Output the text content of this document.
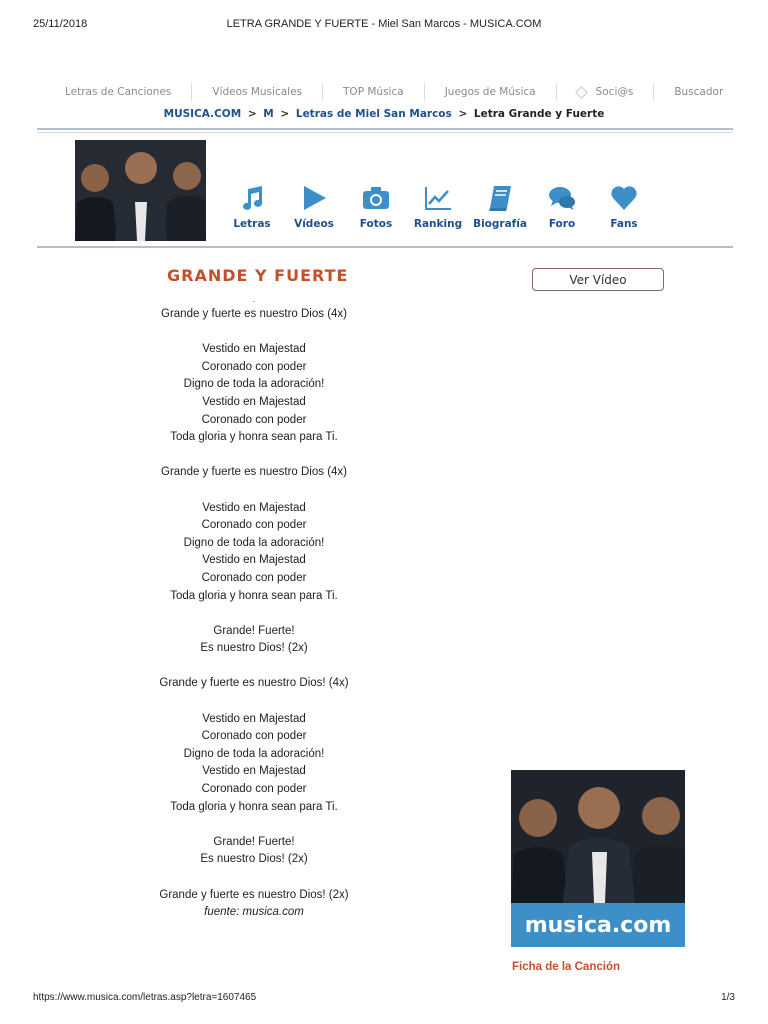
25/11/2018	LETRA GRANDE Y FUERTE - Miel San Marcos - MUSICA.COM
Letras de Canciones	Vídeos Musicales	TOP Música	Juegos de Música	Soci@s	Buscador
MUSICA.COM > M > Letras de Miel San Marcos > Letra Grande y Fuerte
Letras Vídeos Fotos Ranking Biografía Foro	Fans
GRANDE Y FUERTE	Ver Vídeo
.
Grande y fuerte es nuestro Dios (4x)
Vestido en Majestad
Coronado con poder
Digno de toda la adoración!
Vestido en Majestad
Coronado con poder
Toda gloria y honra sean para Ti.
Grande y fuerte es nuestro Dios (4x)
Vestido en Majestad
Coronado con poder
Digno de toda la adoración!
Vestido en Majestad
Coronado con poder
Toda gloria y honra sean para Ti.
Grande! Fuerte!
Es nuestro Dios! (2x)
Grande y fuerte es nuestro Dios! (4x)
Vestido en Majestad
Coronado con poder
Digno de toda la adoración!
Vestido en Majestad
Coronado con poder
Toda gloria y honra sean para Ti.
Grande! Fuerte!
Es nuestro Dios! (2x)
Grande y fuerte es nuestro Dios! (2x)
fuente: musica.com
musica.com
Ficha de la Canción
https://www.musica.com/letras.asp?letra=1607465	1/3
